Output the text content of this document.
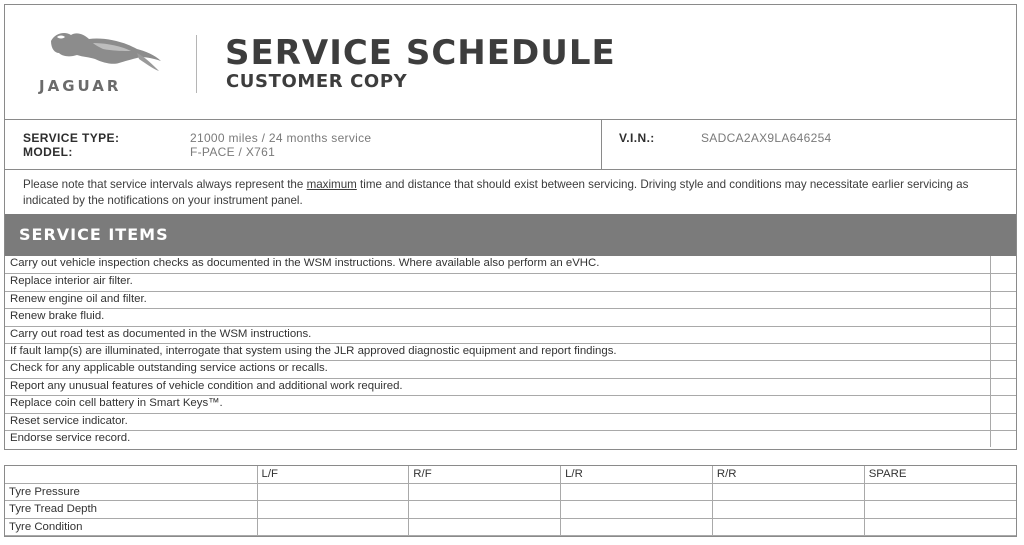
JAGUAR
SERVICE SCHEDULE
CUSTOMER COPY
SERVICE TYPE:	21000 miles / 24 months service
MODEL:	F-PACE / X761
V.I.N.:	SADCA2AX9LA646254
Please note that service intervals always represent the maximum time and distance that should exist between servicing. Driving style and conditions may necessitate earlier servicing as indicated by the notifications on your instrument panel.
SERVICE ITEMS
Carry out vehicle inspection checks as documented in the WSM instructions. Where available also perform an eVHC.
Replace interior air filter.
Renew engine oil and filter.
Renew brake fluid.
Carry out road test as documented in the WSM instructions.
If fault lamp(s) are illuminated, interrogate that system using the JLR approved diagnostic equipment and report findings.
Check for any applicable outstanding service actions or recalls.
Report any unusual features of vehicle condition and additional work required.
Replace coin cell battery in Smart Keys™.
Reset service indicator.
Endorse service record.
	L/F	R/F	L/R	R/R	SPARE
Tyre Pressure					
Tyre Tread Depth					
Tyre Condition					
